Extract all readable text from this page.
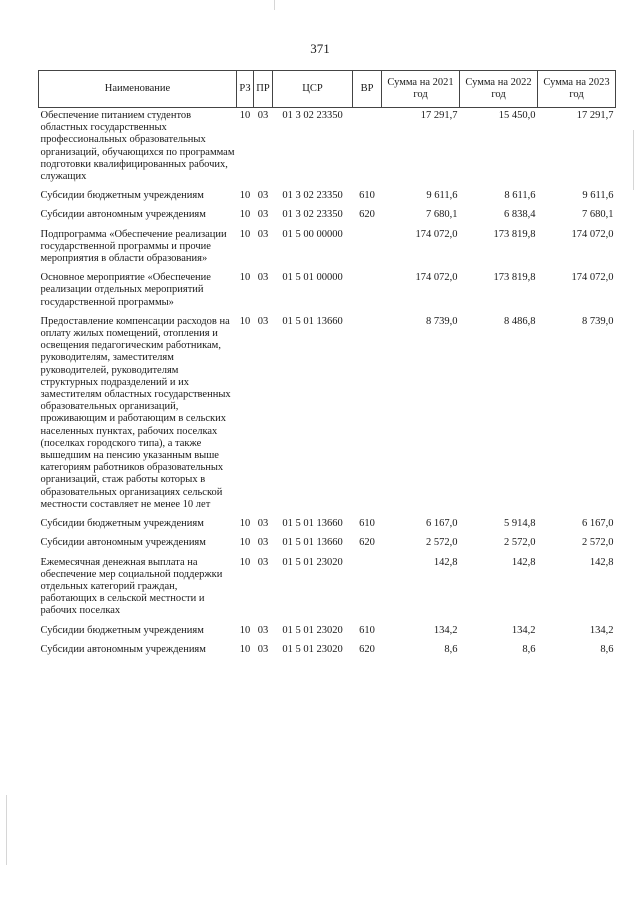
371
Наименование	РЗ	ПР	ЦСР	ВР	Сумма на 2021 год	Сумма на 2022 год	Сумма на 2023 год
Обеспечение питанием студентов областных государственных профессиональных образовательных организаций, обучающихся по программам подготовки квалифицированных рабочих, служащих	10	03	01 3 02 23350		17 291,7	15 450,0	17 291,7
Субсидии бюджетным учреждениям	10	03	01 3 02 23350	610	9 611,6	8 611,6	9 611,6
Субсидии автономным учреждениям	10	03	01 3 02 23350	620	7 680,1	6 838,4	7 680,1
Подпрограмма «Обеспечение реализации государственной программы и прочие мероприятия в области образования»	10	03	01 5 00 00000		174 072,0	173 819,8	174 072,0
Основное мероприятие «Обеспечение реализации отдельных мероприятий государственной программы»	10	03	01 5 01 00000		174 072,0	173 819,8	174 072,0
Предоставление компенсации расходов на оплату жилых помещений, отопления и освещения педагогическим работникам, руководителям, заместителям руководителей, руководителям структурных подразделений и их заместителям областных государственных образовательных организаций, проживающим и работающим в сельских населенных пунктах, рабочих поселках (поселках городского типа), а также вышедшим на пенсию указанным выше категориям работников образовательных организаций, стаж работы которых в образовательных организациях сельской местности составляет не менее 10 лет	10	03	01 5 01 13660		8 739,0	8 486,8	8 739,0
Субсидии бюджетным учреждениям	10	03	01 5 01 13660	610	6 167,0	5 914,8	6 167,0
Субсидии автономным учреждениям	10	03	01 5 01 13660	620	2 572,0	2 572,0	2 572,0
Ежемесячная денежная выплата на обеспечение мер социальной поддержки отдельных категорий граждан, работающих в сельской местности и рабочих поселках	10	03	01 5 01 23020		142,8	142,8	142,8
Субсидии бюджетным учреждениям	10	03	01 5 01 23020	610	134,2	134,2	134,2
Субсидии автономным учреждениям	10	03	01 5 01 23020	620	8,6	8,6	8,6
